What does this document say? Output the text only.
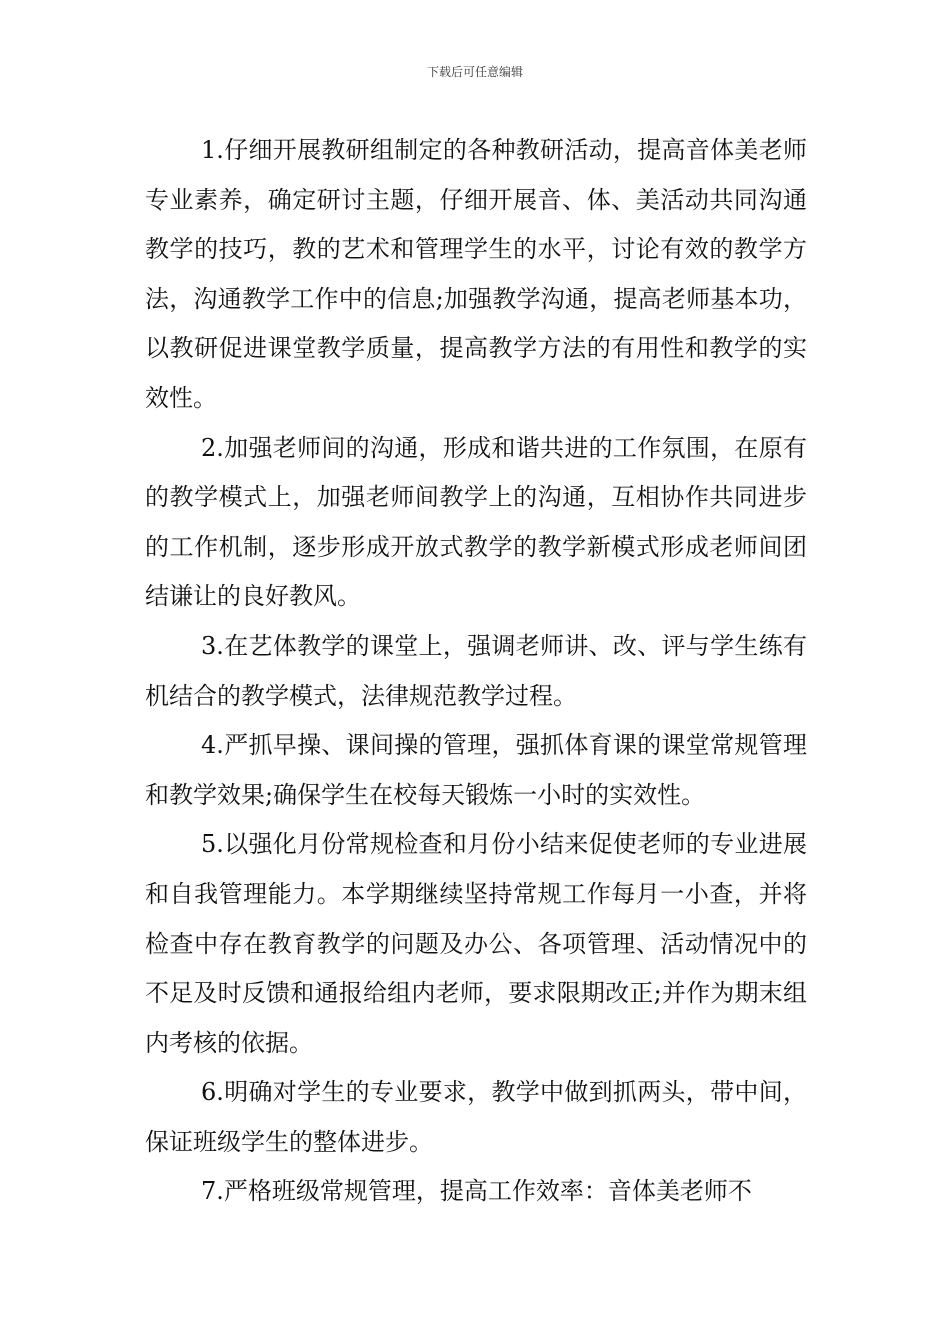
下载后可任意编辑

1.仔细开展教研组制定的各种教研活动，提高音体美老师专业素养，确定研讨主题，仔细开展音、体、美活动共同沟通教学的技巧，教的艺术和管理学生的水平，讨论有效的教学方法，沟通教学工作中的信息;加强教学沟通，提高老师基本功，以教研促进课堂教学质量，提高教学方法的有用性和教学的实效性。

2.加强老师间的沟通，形成和谐共进的工作氛围，在原有的教学模式上，加强老师间教学上的沟通，互相协作共同进步的工作机制，逐步形成开放式教学的教学新模式形成老师间团结谦让的良好教风。

3.在艺体教学的课堂上，强调老师讲、改、评与学生练有机结合的教学模式，法律规范教学过程。

4.严抓早操、课间操的管理，强抓体育课的课堂常规管理和教学效果;确保学生在校每天锻炼一小时的实效性。

5.以强化月份常规检查和月份小结来促使老师的专业进展和自我管理能力。本学期继续坚持常规工作每月一小查，并将检查中存在教育教学的问题及办公、各项管理、活动情况中的不足及时反馈和通报给组内老师，要求限期改正;并作为期末组内考核的依据。

6.明确对学生的专业要求，教学中做到抓两头，带中间，保证班级学生的整体进步。

7.严格班级常规管理，提高工作效率：音体美老师不
